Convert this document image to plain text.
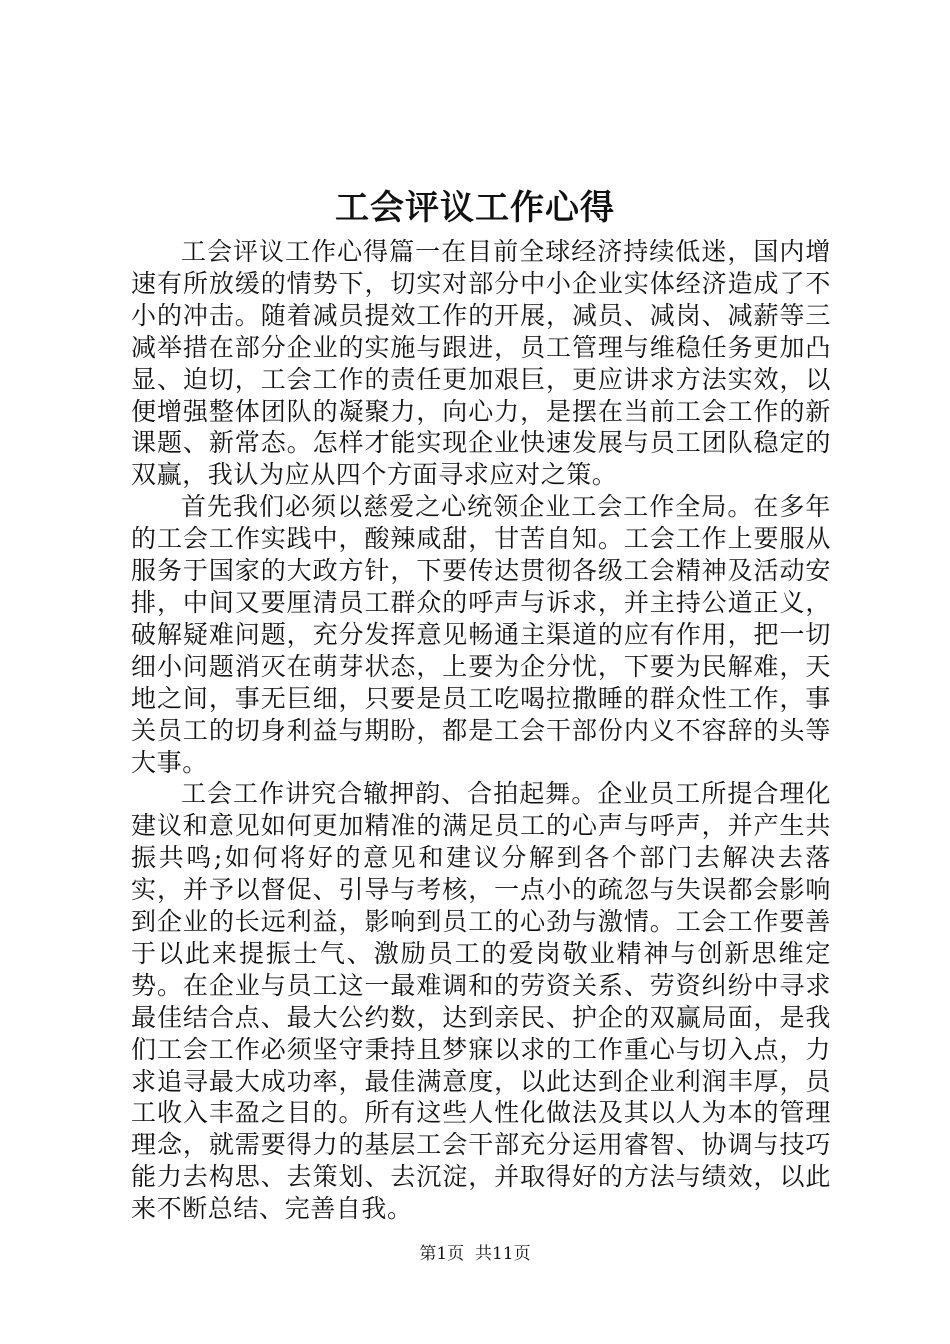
工会评议工作心得

工会评议工作心得篇一在目前全球经济持续低迷，国内增速有所放缓的情势下，切实对部分中小企业实体经济造成了不小的冲击。随着减员提效工作的开展，减员、减岗、减薪等三减举措在部分企业的实施与跟进，员工管理与维稳任务更加凸显、迫切，工会工作的责任更加艰巨，更应讲求方法实效，以便增强整体团队的凝聚力，向心力，是摆在当前工会工作的新课题、新常态。怎样才能实现企业快速发展与员工团队稳定的双赢，我认为应从四个方面寻求应对之策。

首先我们必须以慈爱之心统领企业工会工作全局。在多年的工会工作实践中，酸辣咸甜，甘苦自知。工会工作上要服从服务于国家的大政方针，下要传达贯彻各级工会精神及活动安排，中间又要厘清员工群众的呼声与诉求，并主持公道正义，破解疑难问题，充分发挥意见畅通主渠道的应有作用，把一切细小问题消灭在萌芽状态，上要为企分忧，下要为民解难，天地之间，事无巨细，只要是员工吃喝拉撒睡的群众性工作，事关员工的切身利益与期盼，都是工会干部份内义不容辞的头等大事。

工会工作讲究合辙押韵、合拍起舞。企业员工所提合理化建议和意见如何更加精准的满足员工的心声与呼声，并产生共振共鸣;如何将好的意见和建议分解到各个部门去解决去落实，并予以督促、引导与考核，一点小的疏忽与失误都会影响到企业的长远利益，影响到员工的心劲与激情。工会工作要善于以此来提振士气、激励员工的爱岗敬业精神与创新思维定势。在企业与员工这一最难调和的劳资关系、劳资纠纷中寻求最佳结合点、最大公约数，达到亲民、护企的双赢局面，是我们工会工作必须坚守秉持且梦寐以求的工作重心与切入点，力求追寻最大成功率，最佳满意度，以此达到企业利润丰厚，员工收入丰盈之目的。所有这些人性化做法及其以人为本的管理理念，就需要得力的基层工会干部充分运用睿智、协调与技巧能力去构思、去策划、去沉淀，并取得好的方法与绩效，以此来不断总结、完善自我。

第1页  共11页
